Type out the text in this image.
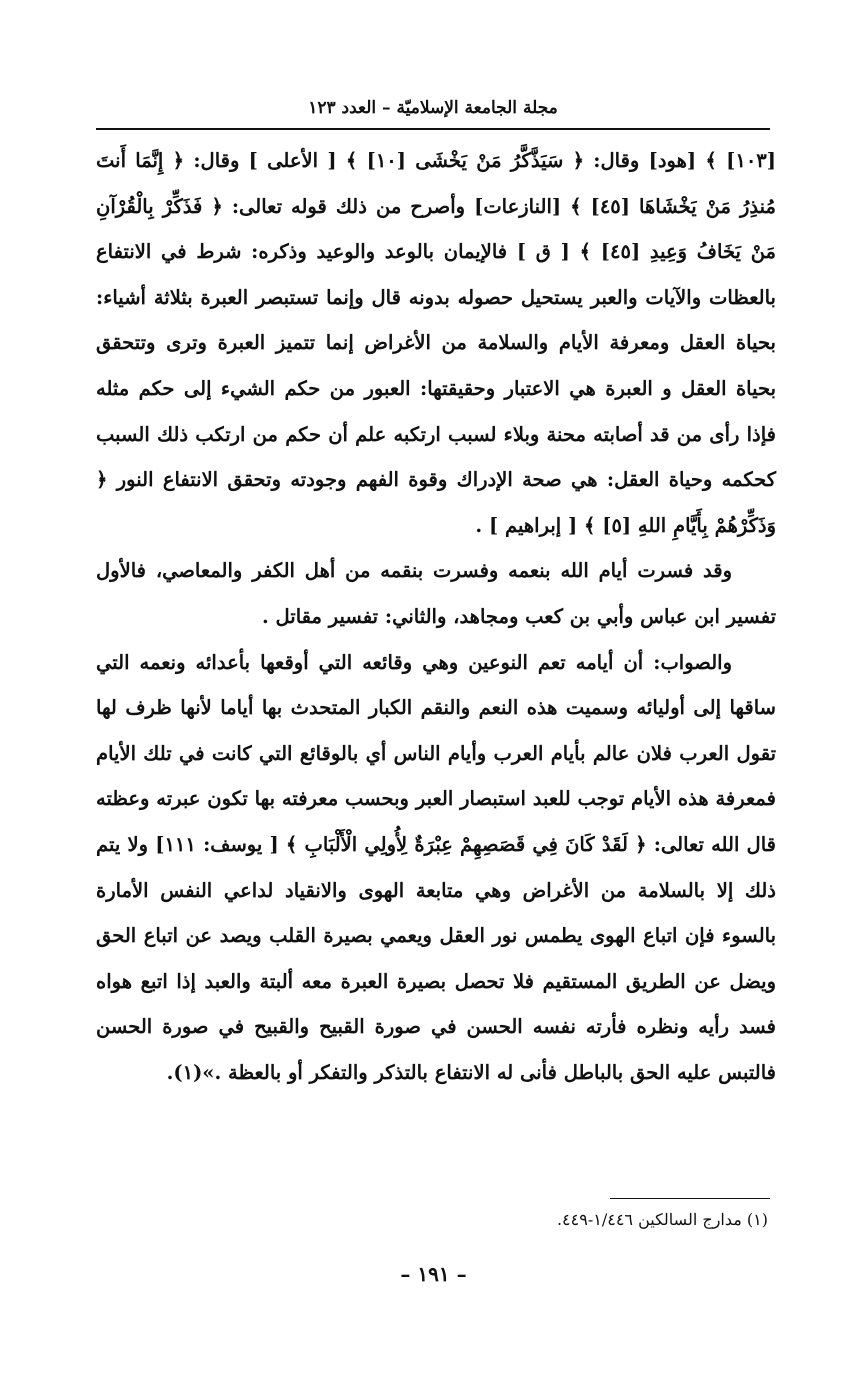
مجلة الجامعة الإسلاميّة – العدد ١٢٣

[١٠٣] ﴾ [هود] وقال: ﴿ سَيَذَّكَّرُ مَنْ يَخْشَى [١٠] ﴾ [ الأعلى ] وقال: ﴿ إِنَّمَا أَنتَ مُنذِرُ مَنْ يَخْشَاهَا [٤٥] ﴾ [النازعات] وأصرح من ذلك قوله تعالى: ﴿ فَذَكِّرْ بِالْقُرْآنِ مَنْ يَخَافُ وَعِيدِ [٤٥] ﴾ [ ق ] فالإيمان بالوعد والوعيد وذكره: شرط في الانتفاع بالعظات والآيات والعبر يستحيل حصوله بدونه قال وإنما تستبصر العبرة بثلاثة أشياء: بحياة العقل ومعرفة الأيام والسلامة من الأغراض إنما تتميز العبرة وترى وتتحقق بحياة العقل و العبرة هي الاعتبار وحقيقتها: العبور من حكم الشيء إلى حكم مثله فإذا رأى من قد أصابته محنة وبلاء لسبب ارتكبه علم أن حكم من ارتكب ذلك السبب كحكمه وحياة العقل: هي صحة الإدراك وقوة الفهم وجودته وتحقق الانتفاع النور ﴿ وَذَكِّرْهُمْ بِأَيَّامِ اللهِ [٥] ﴾ [ إبراهيم ] .

وقد فسرت أيام الله بنعمه وفسرت بنقمه من أهل الكفر والمعاصي، فالأول تفسير ابن عباس وأبي بن كعب ومجاهد، والثاني: تفسير مقاتل .

والصواب: أن أيامه تعم النوعين وهي وقائعه التي أوقعها بأعدائه ونعمه التي ساقها إلى أوليائه وسميت هذه النعم والنقم الكبار المتحدث بها أياما لأنها ظرف لها تقول العرب فلان عالم بأيام العرب وأيام الناس أي بالوقائع التي كانت في تلك الأيام فمعرفة هذه الأيام توجب للعبد استبصار العبر وبحسب معرفته بها تكون عبرته وعظته قال الله تعالى: ﴿ لَقَدْ كَانَ فِي قَصَصِهِمْ عِبْرَةٌ لِأُولِي الْأَلْبَابِ ﴾ [ يوسف: ١١١] ولا يتم ذلك إلا بالسلامة من الأغراض وهي متابعة الهوى والانقياد لداعي النفس الأمارة بالسوء فإن اتباع الهوى يطمس نور العقل ويعمي بصيرة القلب ويصد عن اتباع الحق ويضل عن الطريق المستقيم فلا تحصل بصيرة العبرة معه ألبتة والعبد إذا اتبع هواه فسد رأيه ونظره فأرته نفسه الحسن في صورة القبيح والقبيح في صورة الحسن فالتبس عليه الحق بالباطل فأنى له الانتفاع بالتذكر والتفكر أو بالعظة .»(١).

(١) مدارج السالكين ١/٤٤٦-٤٤٩.
– ١٩١ –
